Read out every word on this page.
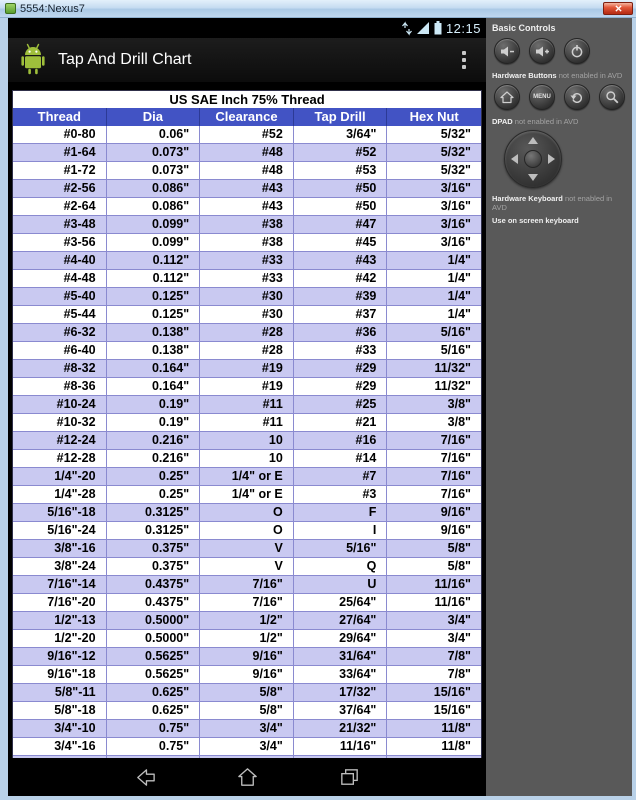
5554:Nexus7
12:15
Tap And Drill Chart
US SAE Inch 75% Thread
Thread	Dia	Clearance	Tap Drill	Hex Nut
#0-80	0.06"	#52	3/64"	5/32"
#1-64	0.073"	#48	#52	5/32"
#1-72	0.073"	#48	#53	5/32"
#2-56	0.086"	#43	#50	3/16"
#2-64	0.086"	#43	#50	3/16"
#3-48	0.099"	#38	#47	3/16"
#3-56	0.099"	#38	#45	3/16"
#4-40	0.112"	#33	#43	1/4"
#4-48	0.112"	#33	#42	1/4"
#5-40	0.125"	#30	#39	1/4"
#5-44	0.125"	#30	#37	1/4"
#6-32	0.138"	#28	#36	5/16"
#6-40	0.138"	#28	#33	5/16"
#8-32	0.164"	#19	#29	11/32"
#8-36	0.164"	#19	#29	11/32"
#10-24	0.19"	#11	#25	3/8"
#10-32	0.19"	#11	#21	3/8"
#12-24	0.216"	10	#16	7/16"
#12-28	0.216"	10	#14	7/16"
1/4"-20	0.25"	1/4" or E	#7	7/16"
1/4"-28	0.25"	1/4" or E	#3	7/16"
5/16"-18	0.3125"	O	F	9/16"
5/16"-24	0.3125"	O	I	9/16"
3/8"-16	0.375"	V	5/16"	5/8"
3/8"-24	0.375"	V	Q	5/8"
7/16"-14	0.4375"	7/16"	U	11/16"
7/16"-20	0.4375"	7/16"	25/64"	11/16"
1/2"-13	0.5000"	1/2"	27/64"	3/4"
1/2"-20	0.5000"	1/2"	29/64"	3/4"
9/16"-12	0.5625"	9/16"	31/64"	7/8"
9/16"-18	0.5625"	9/16"	33/64"	7/8"
5/8"-11	0.625"	5/8"	17/32"	15/16"
5/8"-18	0.625"	5/8"	37/64"	15/16"
3/4"-10	0.75"	3/4"	21/32"	11/8"
3/4"-16	0.75"	3/4"	11/16"	11/8"
Basic Controls
Hardware Buttons not enabled in AVD
MENU
DPAD not enabled in AVD
Hardware Keyboard not enabled in AVD
Use on screen keyboard
